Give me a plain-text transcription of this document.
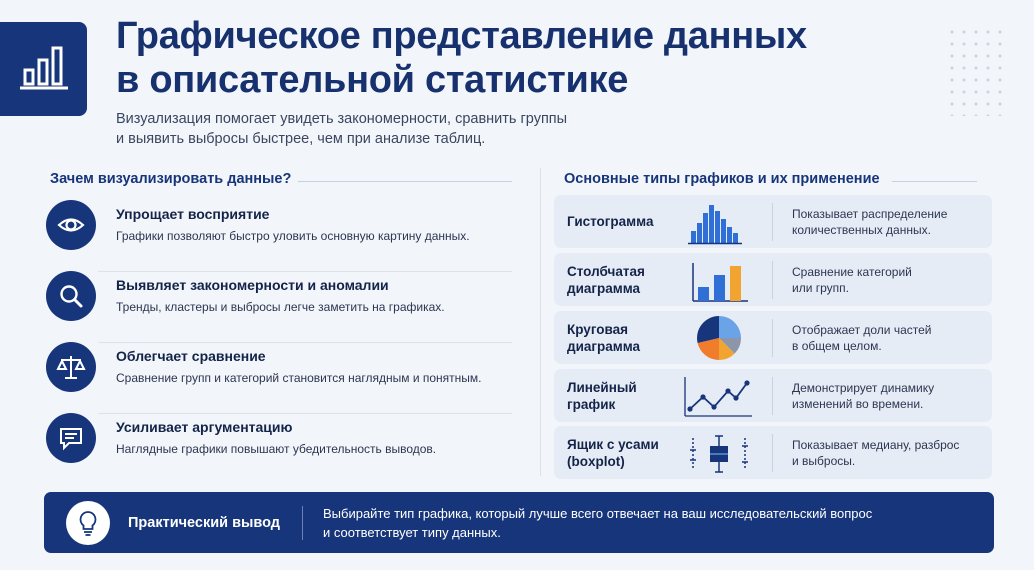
Графическое представление данных
в описательной статистике
Визуализация помогает увидеть закономерности, сравнить группы
и выявить выбросы быстрее, чем при анализе таблиц.
Зачем визуализировать данные?
Упрощает восприятие
Графики позволяют быстро уловить основную картину данных.
Выявляет закономерности и аномалии
Тренды, кластеры и выбросы легче заметить на графиках.
Облегчает сравнение
Сравнение групп и категорий становится наглядным и понятным.
Усиливает аргументацию
Наглядные графики повышают убедительность выводов.
Основные типы графиков и их применение
Гистограмма
Показывает распределение
количественных данных.
Столбчатая
диаграмма
Сравнение категорий
или групп.
Круговая
диаграмма
Отображает доли частей
в общем целом.
Линейный
график
Демонстрирует динамику
изменений во времени.
Ящик с усами
(boxplot)
Показывает медиану, разброс
и выбросы.
Практический вывод
Выбирайте тип графика, который лучше всего отвечает на ваш исследовательский вопрос
и соответствует типу данных.
